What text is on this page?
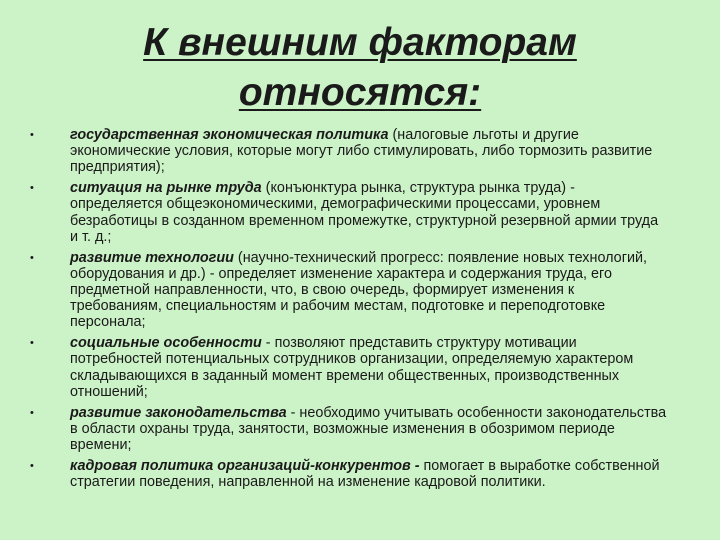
К внешним факторам
относятся:
•	государственная экономическая политика (налоговые льготы и другие экономические условия, которые могут либо стимулировать, либо тормозить развитие предприятия);
•	ситуация на рынке труда (конъюнктура рынка, структура рынка труда) - определяется общеэкономическими, демографическими процессами, уровнем безработицы в созданном временном промежутке, структурной резервной армии труда и т. д.;
•	развитие технологии (научно-технический прогресс: появление новых технологий, оборудования и др.) - определяет изменение характера и содержания труда, его предметной направленности, что, в свою очередь, формирует изменения к требованиям, специальностям и рабочим местам, подготовке и переподготовке персонала;
•	социальные особенности - позволяют представить структуру мотивации потребностей потенциальных сотрудников организации, определяемую характером складывающихся в заданный момент времени общественных, производственных отношений;
•	развитие законодательства - необходимо учитывать особенности законодательства в области охраны труда, занятости, возможные изменения в обозримом периоде времени;
•	кадровая политика организаций-конкурентов - помогает в выработке собственной стратегии поведения, направленной на изменение кадровой политики.
